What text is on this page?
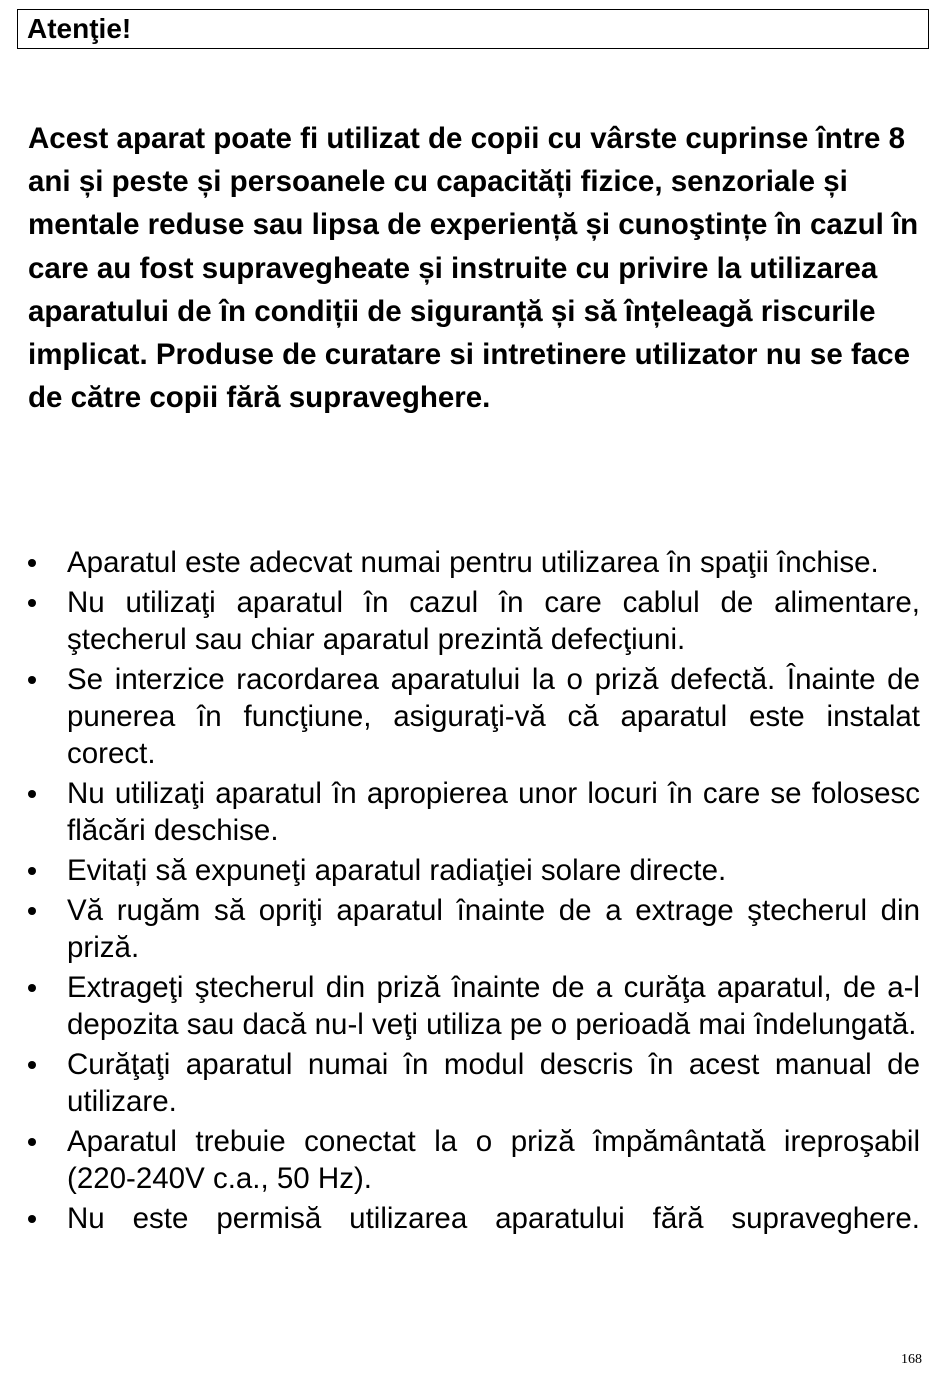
Atenţie!

Acest aparat poate fi utilizat de copii cu vârste cuprinse între 8 ani și peste și persoanele cu capacități fizice, senzoriale și mentale reduse sau lipsa de experiență și cunoştințe în cazul în care au fost supravegheate și instruite cu privire la utilizarea aparatului de în condiții de siguranță și să înțeleagă riscurile implicat. Produse de curatare si intretinere utilizator nu se face de către copii fără supraveghere.

Aparatul este adecvat numai pentru utilizarea în spaţii închise.
Nu utilizaţi aparatul în cazul în care cablul de alimentare, ştecherul sau chiar aparatul prezintă defecţiuni.
Se interzice racordarea aparatului la o priză defectă. Înainte de punerea în funcţiune, asiguraţi-vă că aparatul este instalat corect.
Nu utilizaţi aparatul în apropierea unor locuri în care se folosesc flăcări deschise.
Evitați să expuneţi aparatul radiaţiei solare directe.
Vă rugăm să opriţi aparatul înainte de a extrage ştecherul din priză.
Extrageţi ştecherul din priză înainte de a curăţa aparatul, de a-l depozita sau dacă nu-l veţi utiliza pe o perioadă mai îndelungată.
Curăţaţi aparatul numai în modul descris în acest manual de utilizare.
Aparatul trebuie conectat la o priză împământată ireproşabil (220-240V c.a., 50 Hz).
Nu este permisă utilizarea aparatului fără supraveghere.
168
